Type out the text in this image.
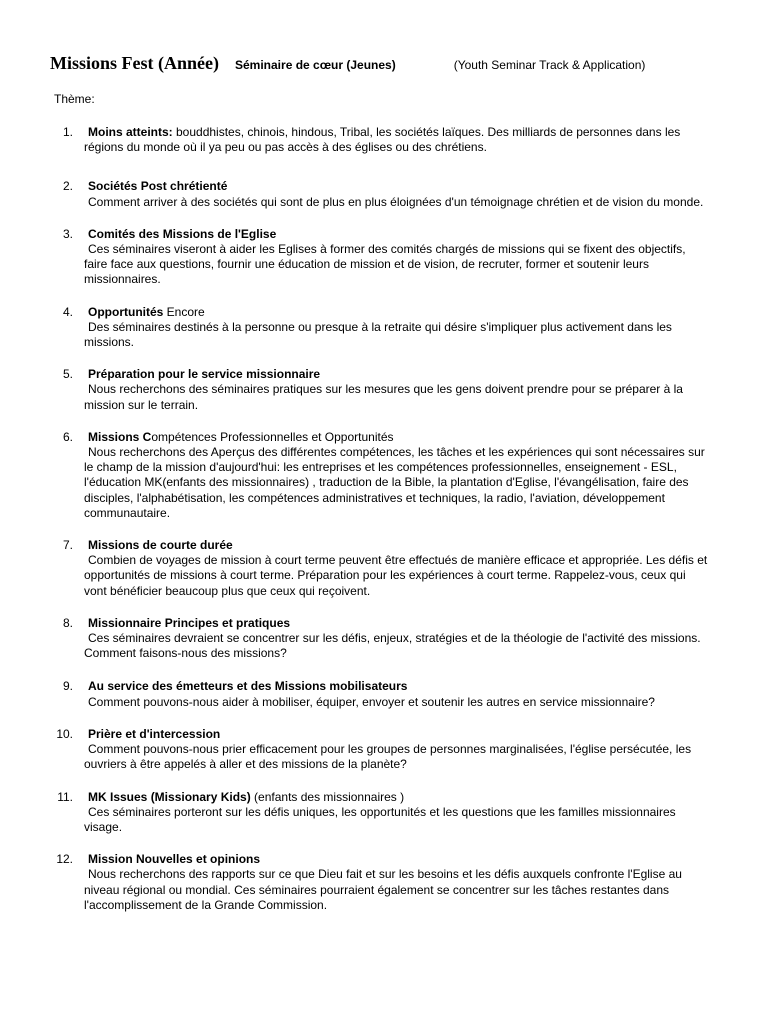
Missions Fest (Année) Séminaire de cœur (Jeunes)	(Youth Seminar Track & Application)
Thème:
1.	Moins atteints: bouddhistes, chinois, hindous, Tribal, les sociétés laïques. Des milliards de personnes dans les régions du monde où il ya peu ou pas accès à des églises ou des chrétiens.
2.	Sociétés Post chrétienté
Comment arriver à des sociétés qui sont de plus en plus éloignées d'un témoignage chrétien et de vision du monde.
3.	Comités des Missions de l'Eglise
Ces séminaires viseront à aider les Eglises à former des comités chargés de missions qui se fixent des objectifs, faire face aux questions, fournir une éducation de mission et de vision, de recruter, former et soutenir leurs missionnaires.
4.	Opportunités Encore
Des séminaires destinés à la personne ou presque à la retraite qui désire s'impliquer plus activement dans les missions.
5.	Préparation pour le service missionnaire
Nous recherchons des séminaires pratiques sur les mesures que les gens doivent prendre pour se préparer à la mission sur le terrain.
6.	Missions Compétences Professionnelles et Opportunités
Nous recherchons des Aperçus des différentes compétences, les tâches et les expériences qui sont nécessaires sur le champ de la mission d'aujourd'hui: les entreprises et les compétences professionnelles, enseignement - ESL, l'éducation MK(enfants des missionnaires) , traduction de la Bible, la plantation d'Eglise, l'évangélisation, faire des disciples, l'alphabétisation, les compétences administratives et techniques, la radio, l'aviation, développement communautaire.
7.	Missions de courte durée
Combien de voyages de mission à court terme peuvent être effectués de manière efficace et appropriée. Les défis et opportunités de missions à court terme. Préparation pour les expériences à court terme. Rappelez-vous, ceux qui vont bénéficier beaucoup plus que ceux qui reçoivent.
8.	Missionnaire Principes et pratiques
Ces séminaires devraient se concentrer sur les défis, enjeux, stratégies et de la théologie de l'activité des missions. Comment faisons-nous des missions?
9.	Au service des émetteurs et des Missions mobilisateurs
Comment pouvons-nous aider à mobiliser, équiper, envoyer et soutenir les autres en service missionnaire?
10.	Prière et d'intercession
Comment pouvons-nous prier efficacement pour les groupes de personnes marginalisées, l'église persécutée, les ouvriers à être appelés à aller et des missions de la planète?
11.	MK Issues (Missionary Kids) (enfants des missionnaires )
Ces séminaires porteront sur les défis uniques, les opportunités et les questions que les familles missionnaires visage.
12.	Mission Nouvelles et opinions
Nous recherchons des rapports sur ce que Dieu fait et sur les besoins et les défis auxquels confronte l'Eglise au niveau régional ou mondial. Ces séminaires pourraient également se concentrer sur les tâches restantes dans l'accomplissement de la Grande Commission.
